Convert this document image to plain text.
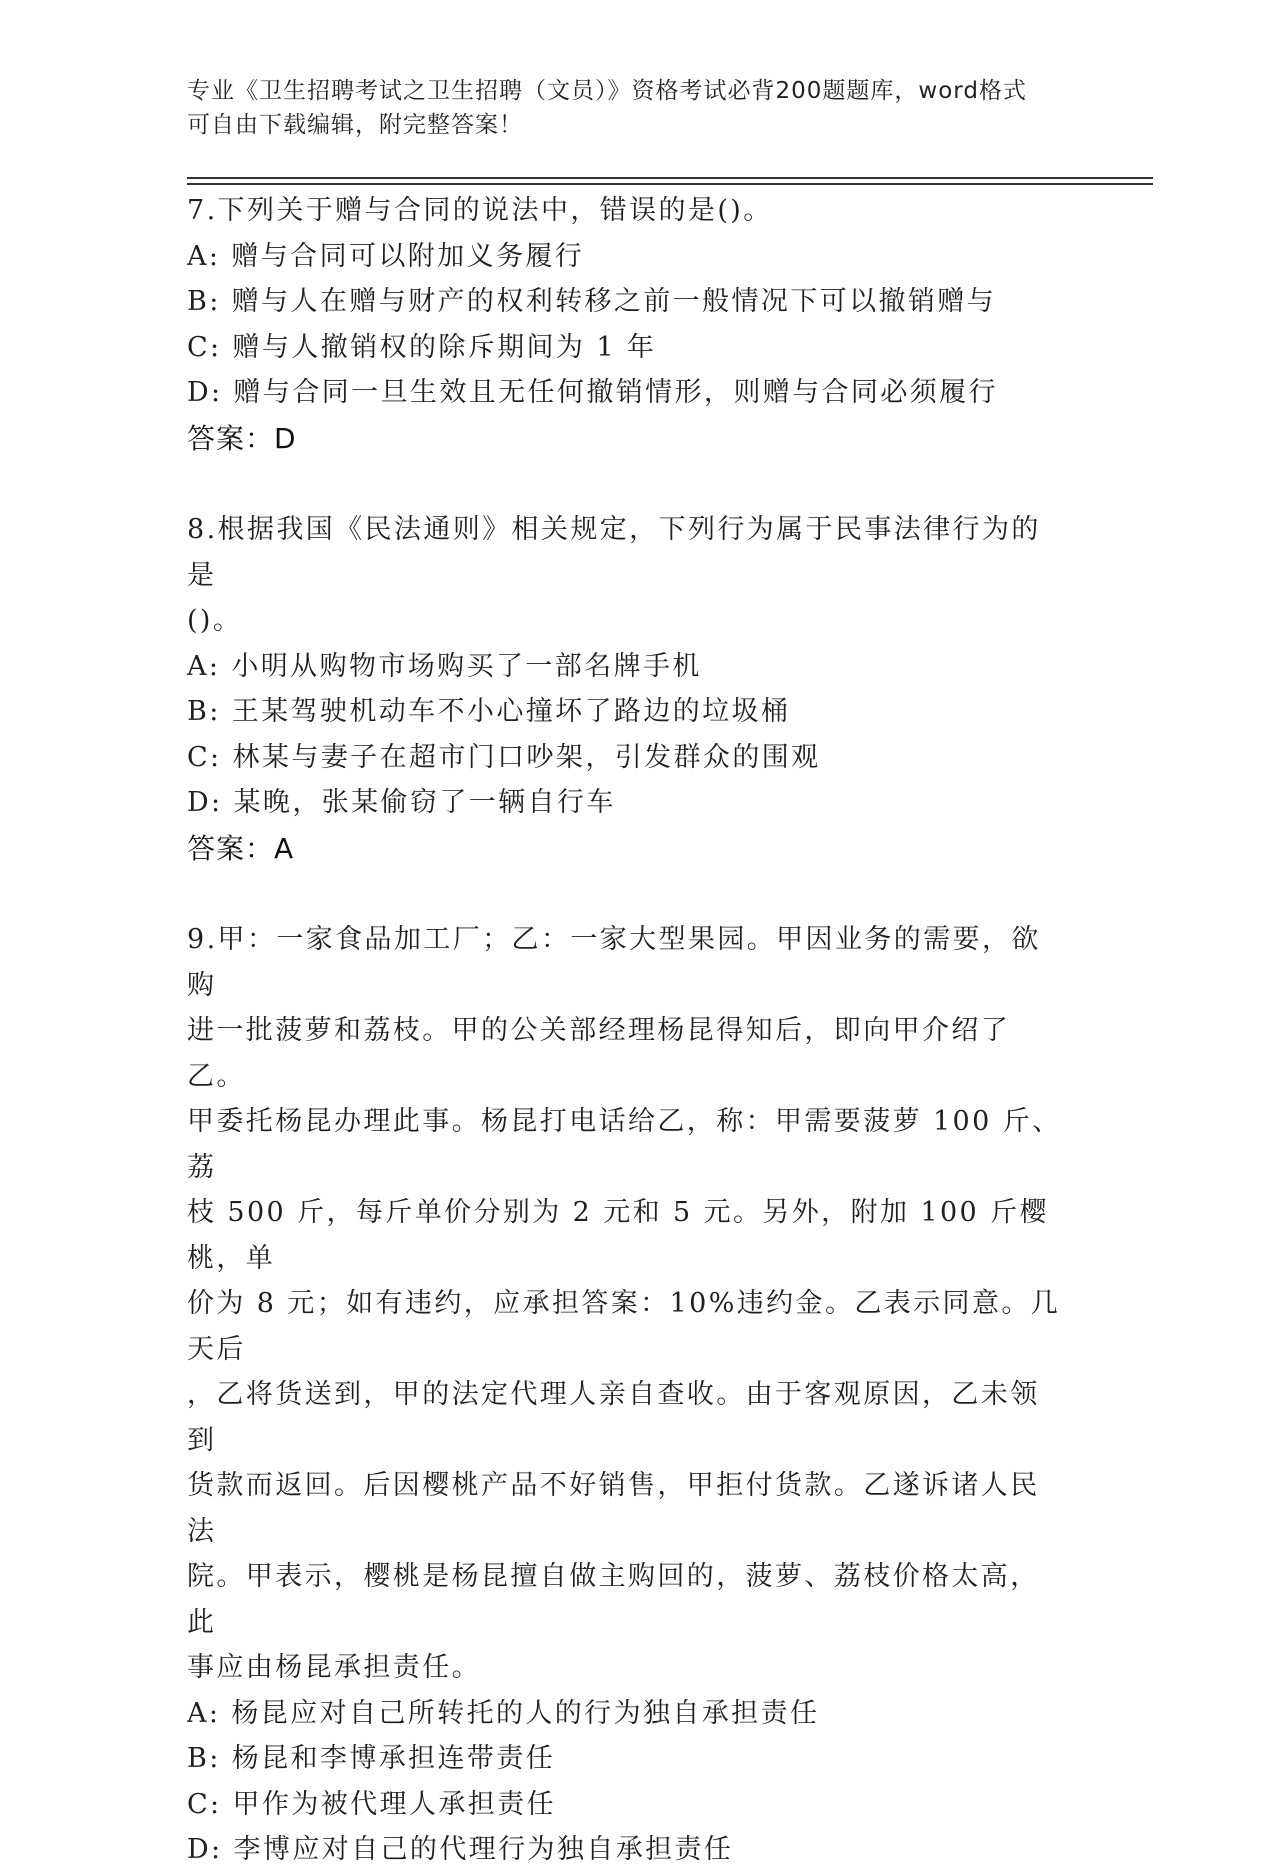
专业《卫生招聘考试之卫生招聘（文员）》资格考试必背200题题库，word格式
可自由下载编辑，附完整答案！

7.下列关于赠与合同的说法中，错误的是()。

A: 赠与合同可以附加义务履行

B: 赠与人在赠与财产的权利转移之前一般情况下可以撤销赠与

C: 赠与人撤销权的除斥期间为 1 年

D: 赠与合同一旦生效且无任何撤销情形，则赠与合同必须履行

答案：D

8.根据我国《民法通则》相关规定，下列行为属于民事法律行为的是

()。

A: 小明从购物市场购买了一部名牌手机

B: 王某驾驶机动车不小心撞坏了路边的垃圾桶

C: 林某与妻子在超市门口吵架，引发群众的围观

D: 某晚，张某偷窃了一辆自行车

答案：A

9.甲：一家食品加工厂；乙：一家大型果园。甲因业务的需要，欲购

进一批菠萝和荔枝。甲的公关部经理杨昆得知后，即向甲介绍了乙。

甲委托杨昆办理此事。杨昆打电话给乙，称：甲需要菠萝 100 斤、荔

枝 500 斤，每斤单价分别为 2 元和 5 元。另外，附加 100 斤樱桃，单

价为 8 元；如有违约，应承担答案：10%违约金。乙表示同意。几天后

，乙将货送到，甲的法定代理人亲自查收。由于客观原因，乙未领到

货款而返回。后因樱桃产品不好销售，甲拒付货款。乙遂诉诸人民法

院。甲表示，樱桃是杨昆擅自做主购回的，菠萝、荔枝价格太高，此

事应由杨昆承担责任。

A: 杨昆应对自己所转托的人的行为独自承担责任

B: 杨昆和李博承担连带责任

C: 甲作为被代理人承担责任

D: 李博应对自己的代理行为独自承担责任
